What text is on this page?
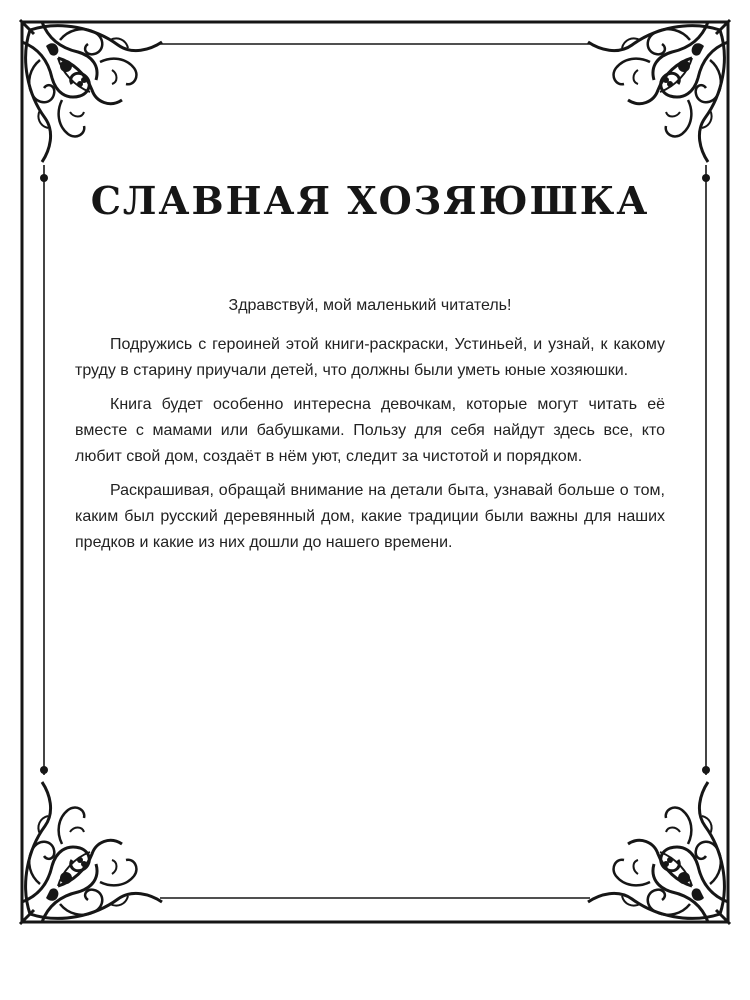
СЛАВНАЯ ХОЗЯЮШКА

Здравствуй, мой маленький читатель!

Подружись с героиней этой книги-раскраски, Устиньей, и узнай, к какому труду в старину приучали детей, что должны были уметь юные хозяюшки.

Книга будет особенно интересна девочкам, которые могут читать её вместе с мамами или бабушками. Пользу для себя найдут здесь все, кто любит свой дом, создаёт в нём уют, следит за чистотой и порядком.

Раскрашивая, обращай внимание на детали быта, узнавай больше о том, каким был русский деревянный дом, какие традиции были важны для наших предков и какие из них дошли до нашего времени.
